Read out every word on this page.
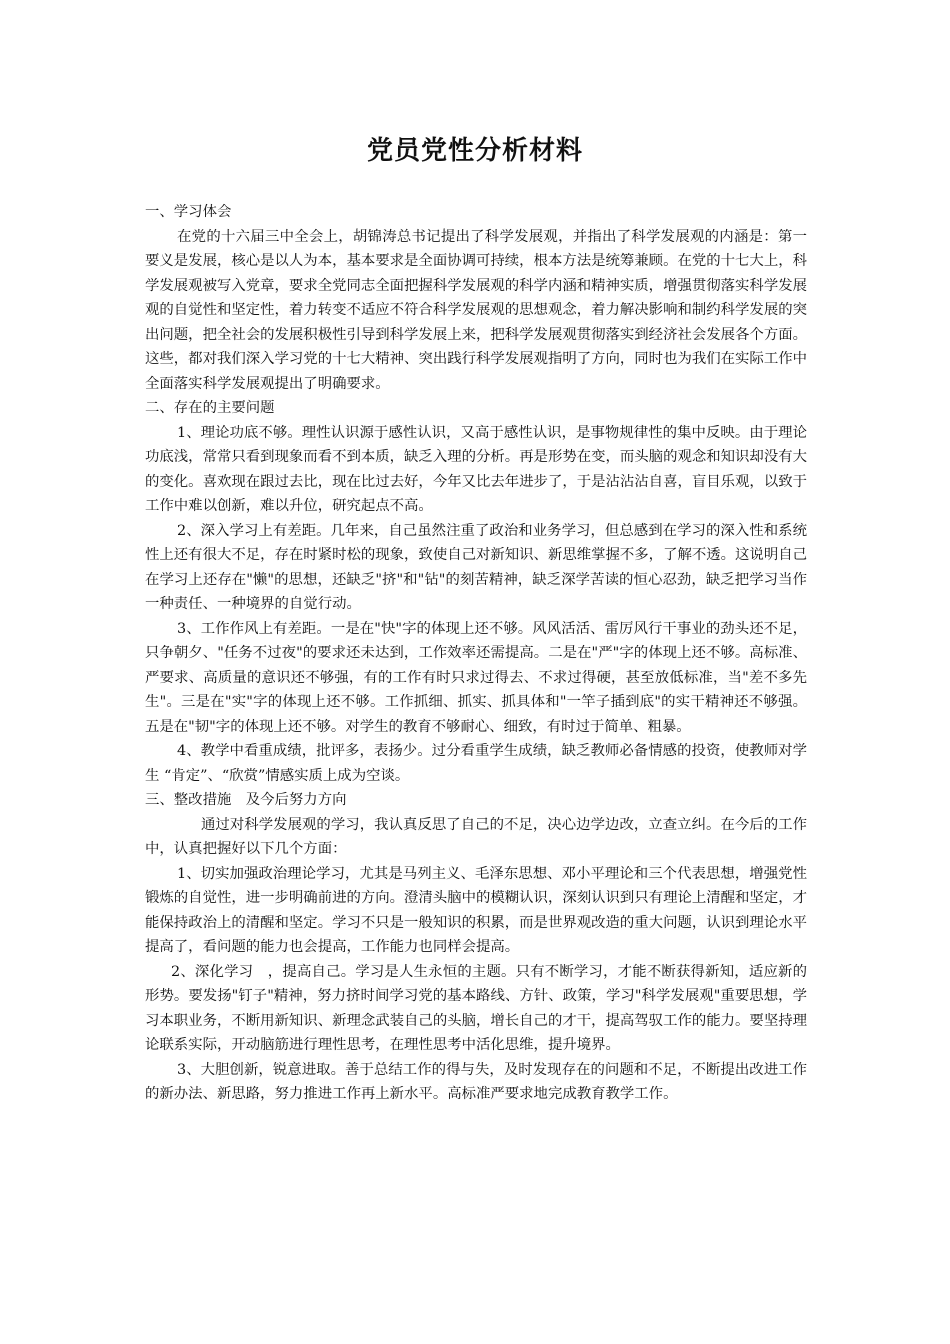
党员党性分析材料

一、学习体会

在党的十六届三中全会上，胡锦涛总书记提出了科学发展观，并指出了科学发展观的内涵是：第一要义是发展，核心是以人为本，基本要求是全面协调可持续，根本方法是统筹兼顾。在党的十七大上，科学发展观被写入党章，要求全党同志全面把握科学发展观的科学内涵和精神实质，增强贯彻落实科学发展观的自觉性和坚定性，着力转变不适应不符合科学发展观的思想观念，着力解决影响和制约科学发展的突出问题，把全社会的发展积极性引导到科学发展上来，把科学发展观贯彻落实到经济社会发展各个方面。这些，都对我们深入学习党的十七大精神、突出践行科学发展观指明了方向，同时也为我们在实际工作中全面落实科学发展观提出了明确要求。

二、存在的主要问题

1、理论功底不够。理性认识源于感性认识，又高于感性认识，是事物规律性的集中反映。由于理论功底浅，常常只看到现象而看不到本质，缺乏入理的分析。再是形势在变，而头脑的观念和知识却没有大的变化。喜欢现在跟过去比，现在比过去好，今年又比去年进步了，于是沾沾沾自喜，盲目乐观，以致于工作中难以创新，难以升位，研究起点不高。

2、深入学习上有差距。几年来，自己虽然注重了政治和业务学习，但总感到在学习的深入性和系统性上还有很大不足，存在时紧时松的现象，致使自己对新知识、新思维掌握不多，了解不透。这说明自己在学习上还存在"懒"的思想，还缺乏"挤"和"钻"的刻苦精神，缺乏深学苦读的恒心忍劲，缺乏把学习当作一种责任、一种境界的自觉行动。

3、工作作风上有差距。一是在"快"字的体现上还不够。风风活活、雷厉风行干事业的劲头还不足，只争朝夕、"任务不过夜"的要求还未达到，工作效率还需提高。二是在"严"字的体现上还不够。高标准、严要求、高质量的意识还不够强，有的工作有时只求过得去、不求过得硬，甚至放低标准，当"差不多先生"。三是在"实"字的体现上还不够。工作抓细、抓实、抓具体和"一竿子插到底"的实干精神还不够强。五是在"韧"字的体现上还不够。对学生的教育不够耐心、细致，有时过于简单、粗暴。

4、教学中看重成绩，批评多，表扬少。过分看重学生成绩，缺乏教师必备情感的投资，使教师对学生 “肯定”、“欣赏”情感实质上成为空谈。

三、整改措施　及今后努力方向

通过对科学发展观的学习，我认真反思了自己的不足，决心边学边改，立查立纠。在今后的工作中，认真把握好以下几个方面：

1、切实加强政治理论学习，尤其是马列主义、毛泽东思想、邓小平理论和三个代表思想，增强党性锻炼的自觉性，进一步明确前进的方向。澄清头脑中的模糊认识，深刻认识到只有理论上清醒和坚定，才能保持政治上的清醒和坚定。学习不只是一般知识的积累，而是世界观改造的重大问题，认识到理论水平提高了，看问题的能力也会提高，工作能力也同样会提高。

2、深化学习　，提高自己。学习是人生永恒的主题。只有不断学习，才能不断获得新知，适应新的形势。要发扬"钉子"精神，努力挤时间学习党的基本路线、方针、政策，学习"科学发展观"重要思想，学习本职业务，不断用新知识、新理念武装自己的头脑，增长自己的才干，提高驾驭工作的能力。要坚持理论联系实际，开动脑筋进行理性思考，在理性思考中活化思维，提升境界。

3、大胆创新，锐意进取。善于总结工作的得与失，及时发现存在的问题和不足，不断提出改进工作的新办法、新思路，努力推进工作再上新水平。高标准严要求地完成教育教学工作。
